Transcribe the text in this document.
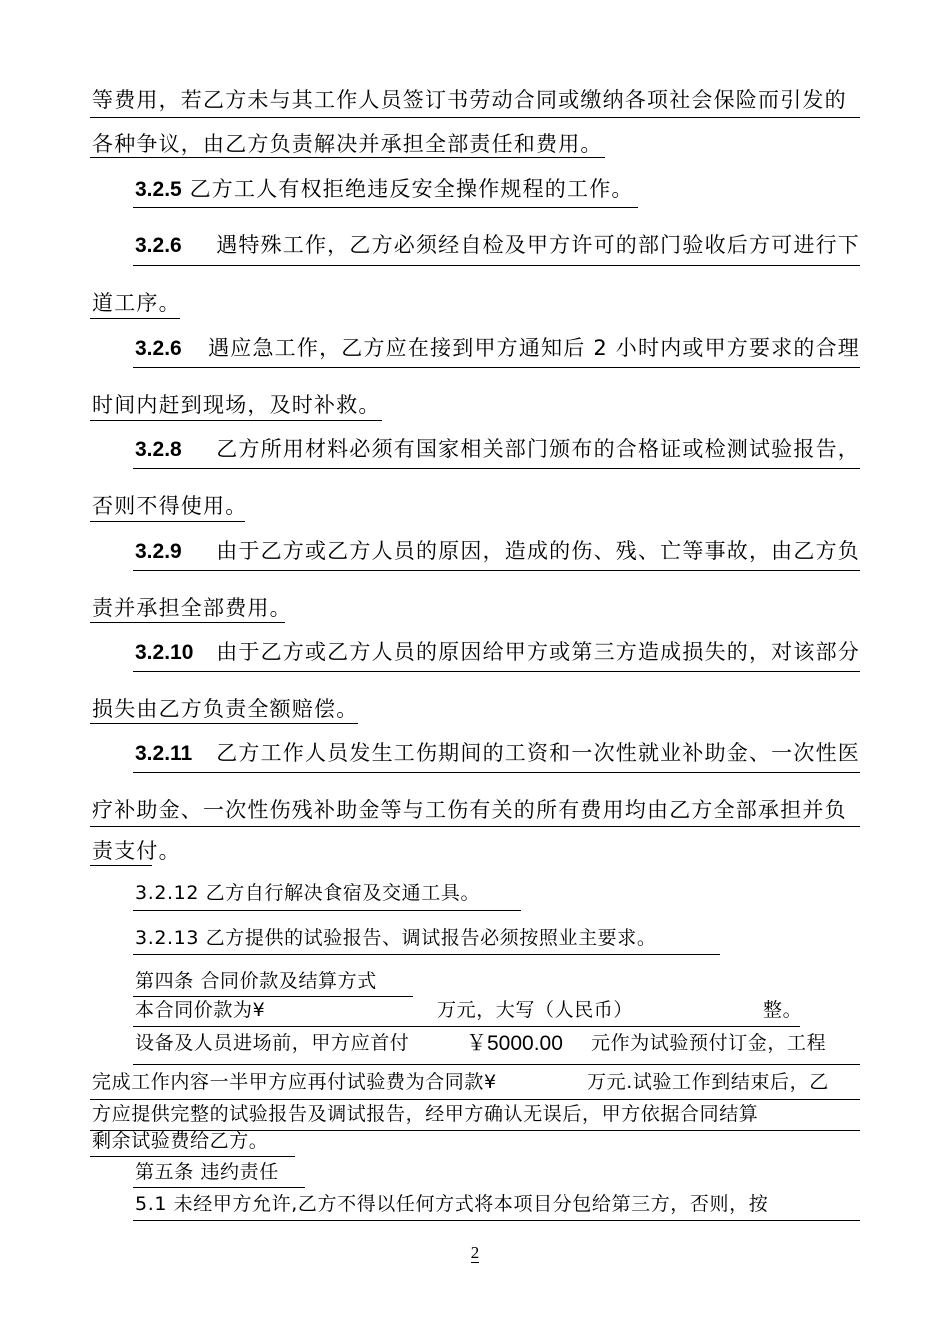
等费用，若乙方未与其工作人员签订书劳动合同或缴纳各项社会保险而引发的
各种争议，由乙方负责解决并承担全部责任和费用。
3.2.5 乙方工人有权拒绝违反安全操作规程的工作。
3.2.6 遇特殊工作，乙方必须经自检及甲方许可的部门验收后方可进行下
道工序。
3.2.6 遇应急工作，乙方应在接到甲方通知后 2 小时内或甲方要求的合理
时间内赶到现场，及时补救。
3.2.8 乙方所用材料必须有国家相关部门颁布的合格证或检测试验报告，
否则不得使用。
3.2.9 由于乙方或乙方人员的原因，造成的伤、残、亡等事故，由乙方负
责并承担全部费用。
3.2.10 由于乙方或乙方人员的原因给甲方或第三方造成损失的，对该部分
损失由乙方负责全额赔偿。
3.2.11 乙方工作人员发生工伤期间的工资和一次性就业补助金、一次性医
疗补助金、一次性伤残补助金等与工伤有关的所有费用均由乙方全部承担并负
责支付。
3.2.12 乙方自行解决食宿及交通工具。
3.2.13 乙方提供的试验报告、调试报告必须按照业主要求。
第四条 合同价款及结算方式
本合同价款为¥	万元，大写（人民币）	整。
设备及人员进场前，甲方应首付	￥5000.00 元作为试验预付订金，工程
完成工作内容一半甲方应再付试验费为合同款¥	万元.试验工作到结束后，乙
方应提供完整的试验报告及调试报告，经甲方确认无误后，甲方依据合同结算
剩余试验费给乙方。
第五条 违约责任
5.1 未经甲方允许,乙方不得以任何方式将本项目分包给第三方，否则，按
2
